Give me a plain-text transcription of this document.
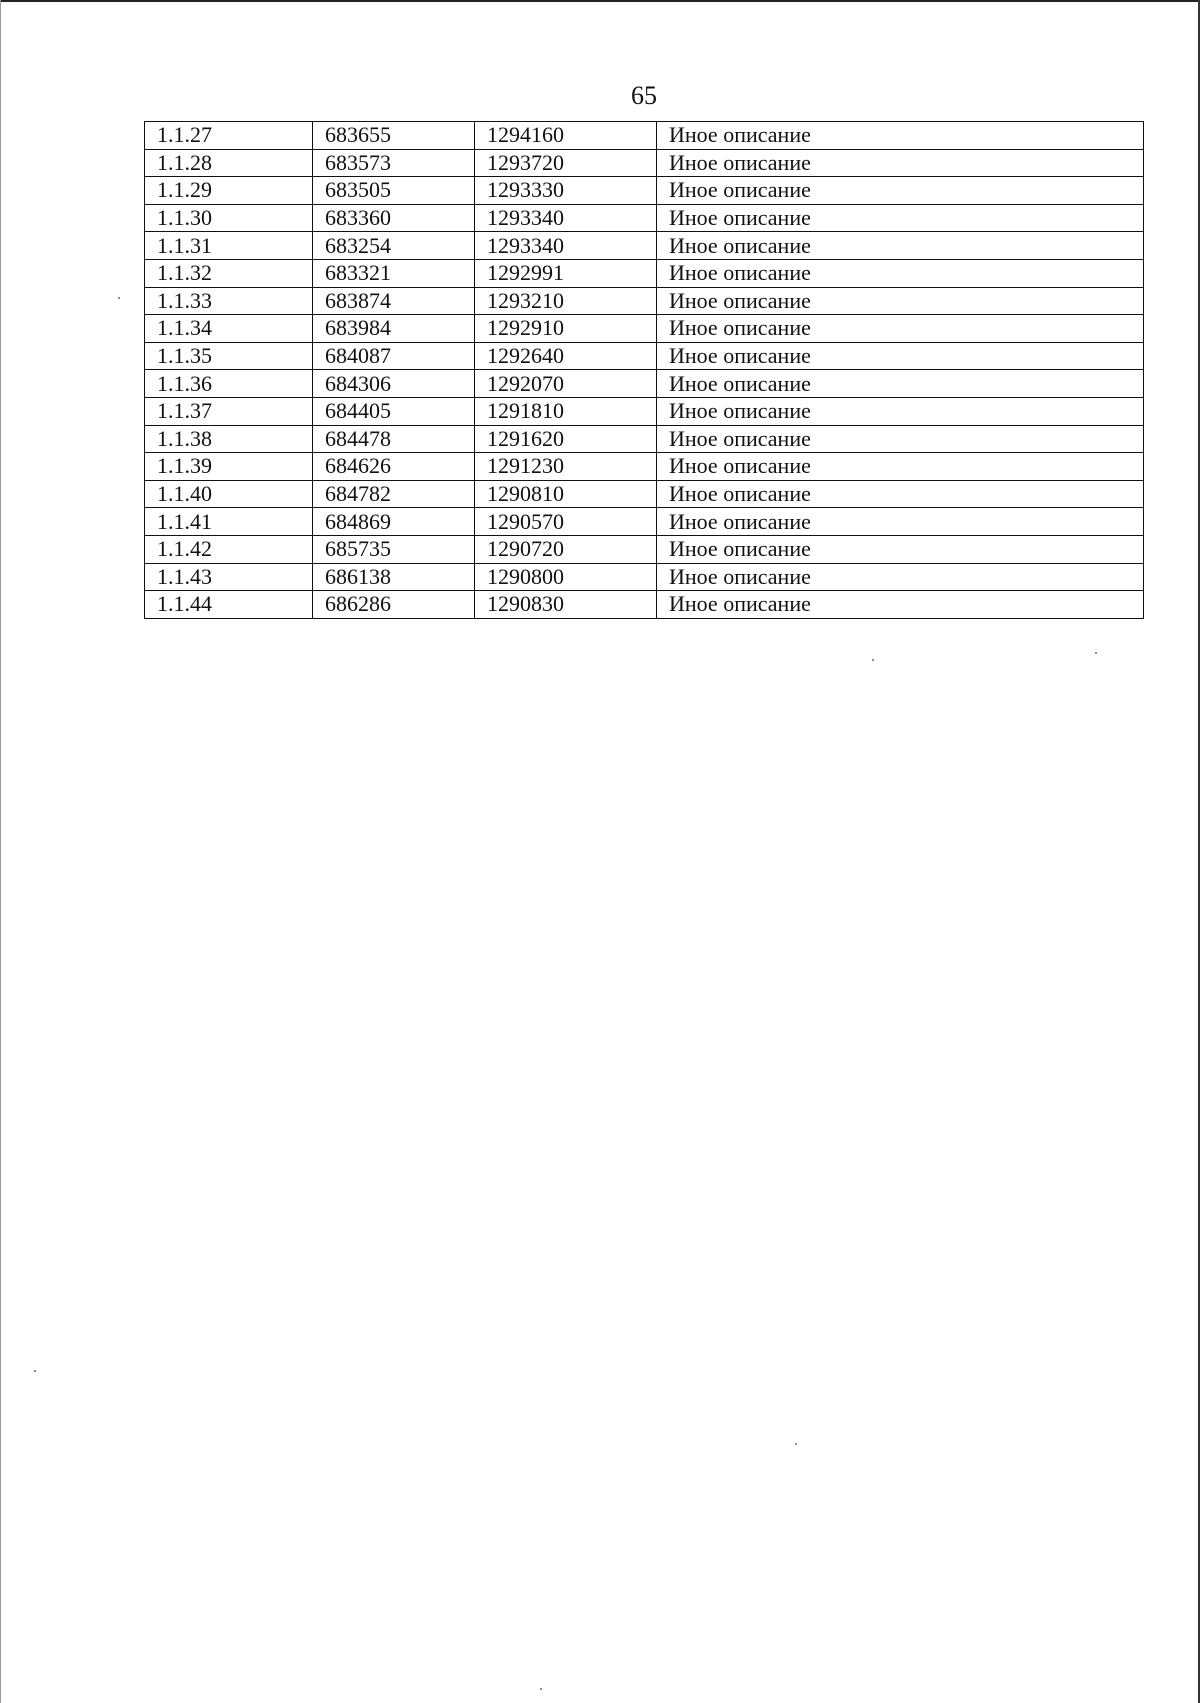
65
1.1.27	683655	1294160	Иное описание
1.1.28	683573	1293720	Иное описание
1.1.29	683505	1293330	Иное описание
1.1.30	683360	1293340	Иное описание
1.1.31	683254	1293340	Иное описание
1.1.32	683321	1292991	Иное описание
1.1.33	683874	1293210	Иное описание
1.1.34	683984	1292910	Иное описание
1.1.35	684087	1292640	Иное описание
1.1.36	684306	1292070	Иное описание
1.1.37	684405	1291810	Иное описание
1.1.38	684478	1291620	Иное описание
1.1.39	684626	1291230	Иное описание
1.1.40	684782	1290810	Иное описание
1.1.41	684869	1290570	Иное описание
1.1.42	685735	1290720	Иное описание
1.1.43	686138	1290800	Иное описание
1.1.44	686286	1290830	Иное описание
